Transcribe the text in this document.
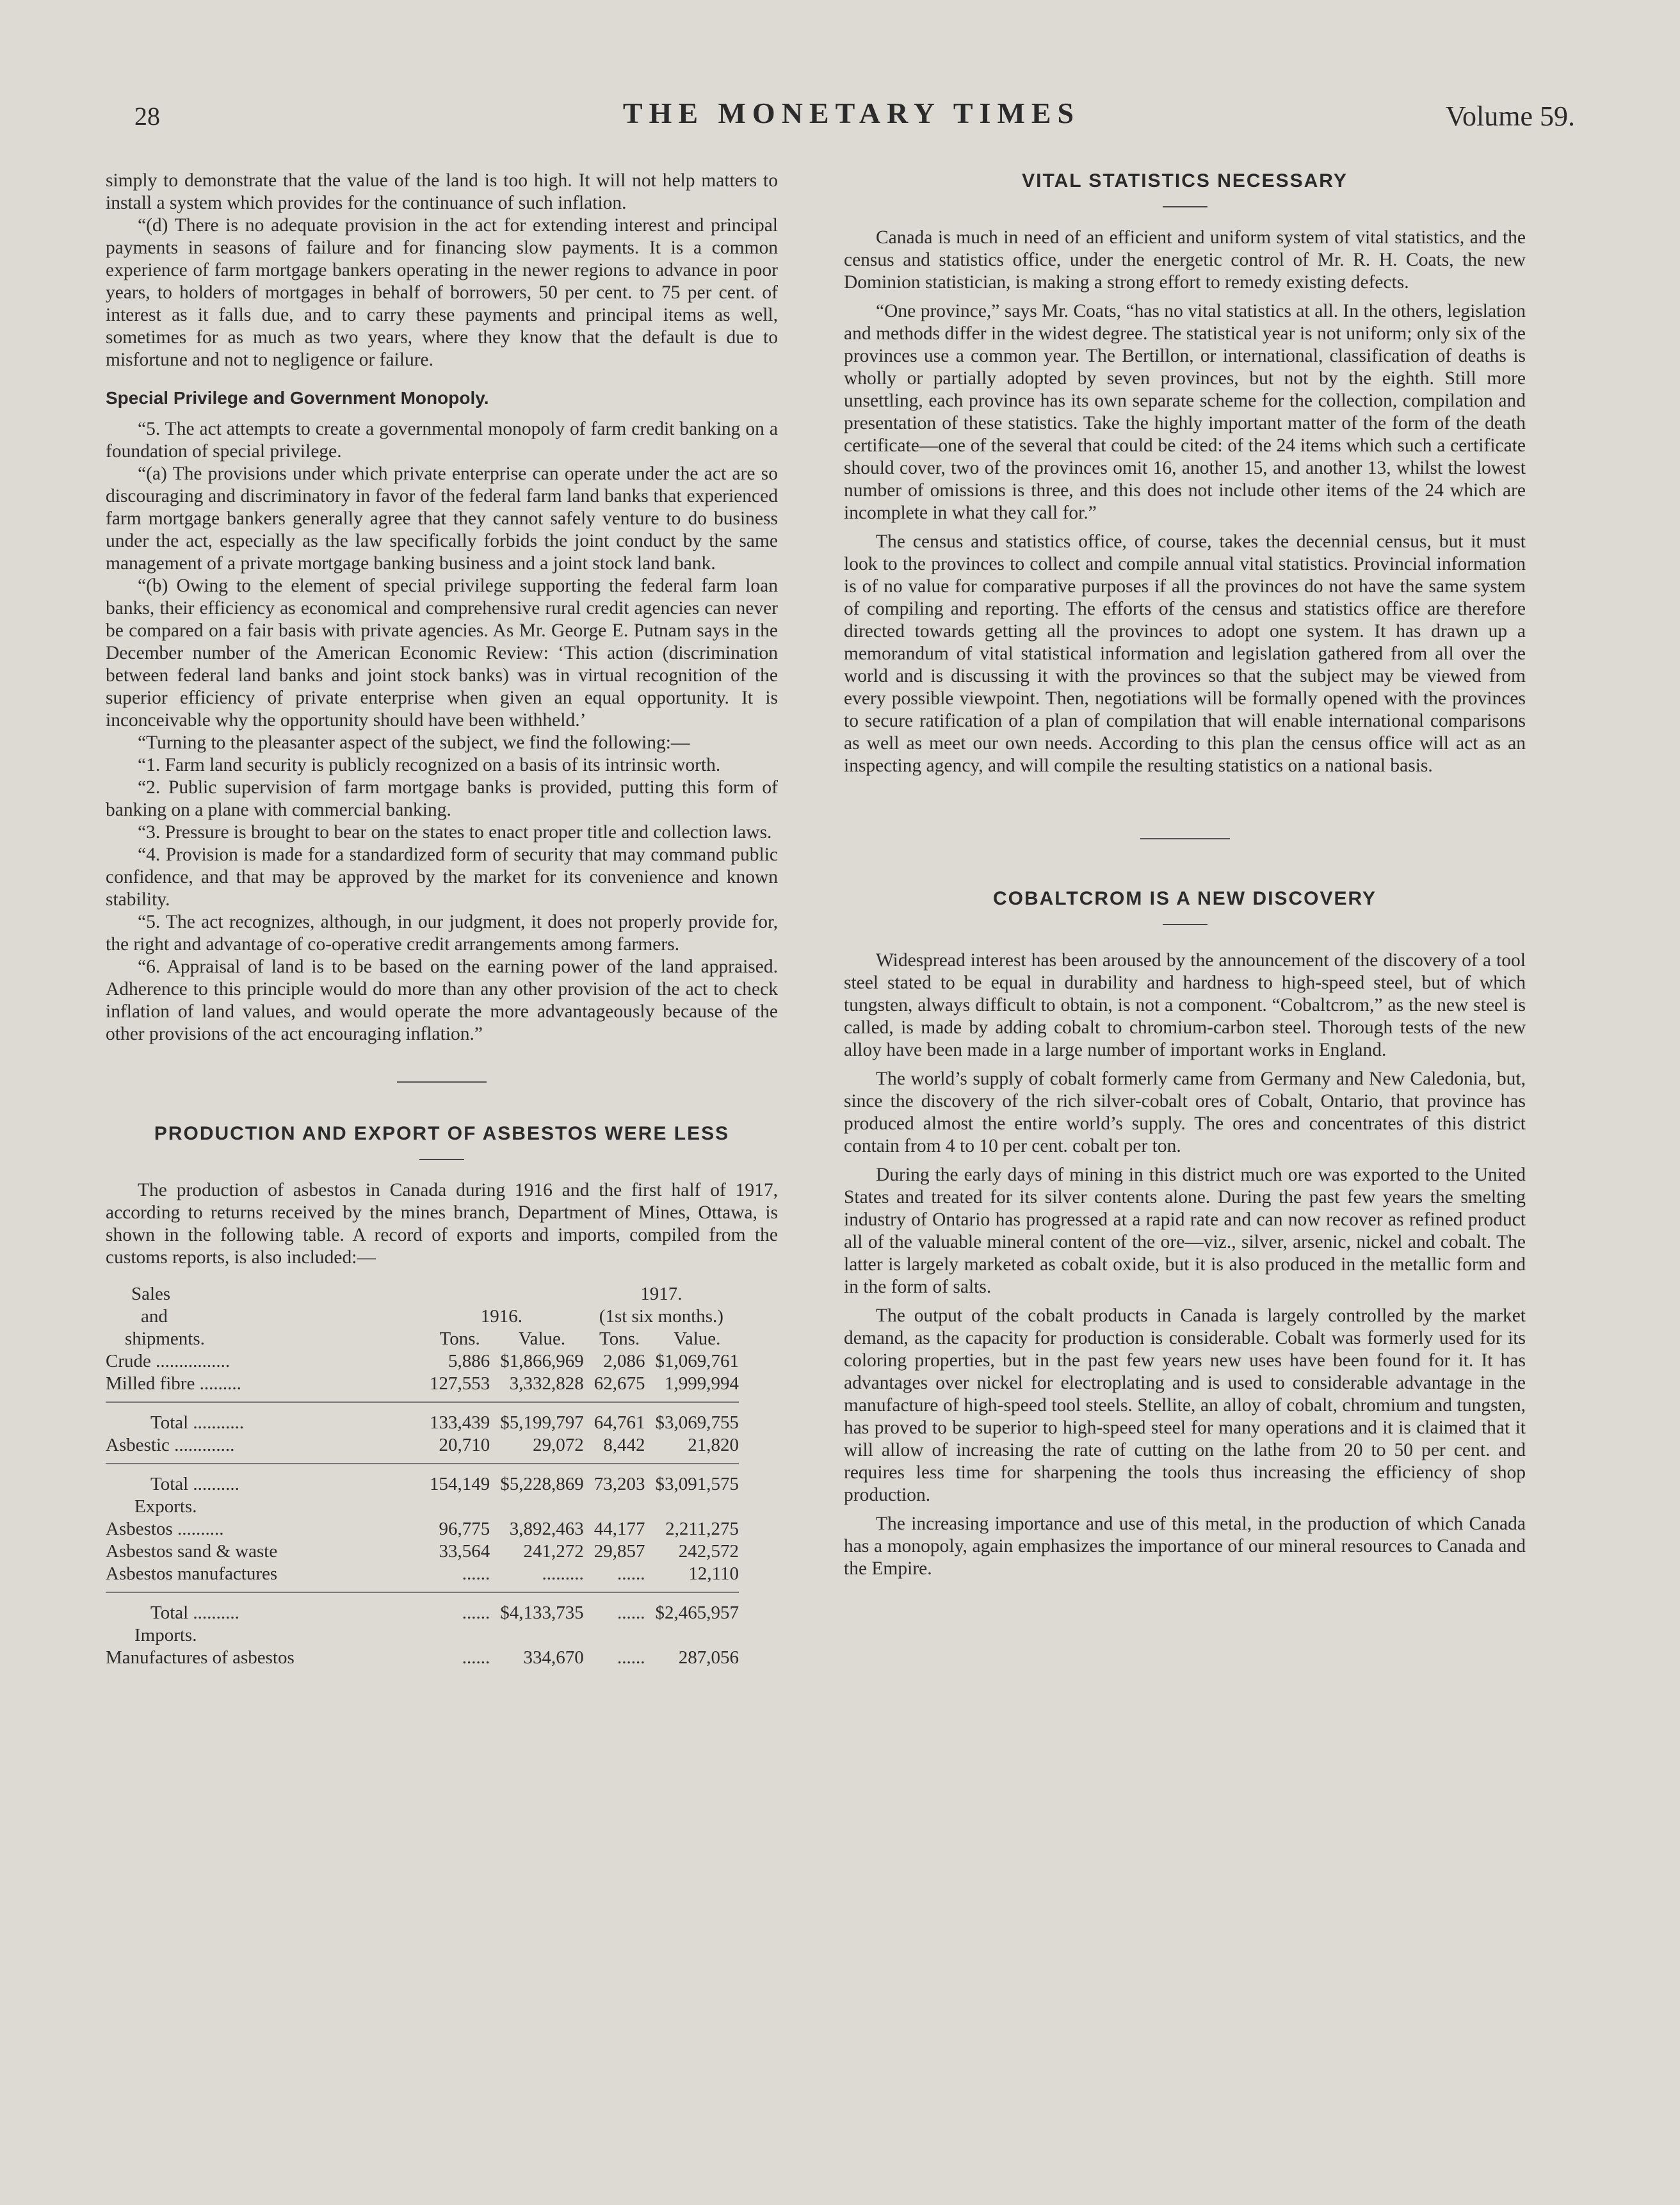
28	THE MONETARY TIMES	Volume 59.

simply to demonstrate that the value of the land is too high. It will not help matters to install a system which provides for the continuance of such inflation.

“(d) There is no adequate provision in the act for extending interest and principal payments in seasons of failure and for financing slow payments. It is a common experience of farm mortgage bankers operating in the newer regions to advance in poor years, to holders of mortgages in behalf of borrowers, 50 per cent. to 75 per cent. of interest as it falls due, and to carry these payments and principal items as well, sometimes for as much as two years, where they know that the default is due to misfortune and not to negligence or failure.

Special Privilege and Government Monopoly.

“5. The act attempts to create a governmental monopoly of farm credit banking on a foundation of special privilege.

“(a) The provisions under which private enterprise can operate under the act are so discouraging and discriminatory in favor of the federal farm land banks that experienced farm mortgage bankers generally agree that they cannot safely venture to do business under the act, especially as the law specifically forbids the joint conduct by the same management of a private mortgage banking business and a joint stock land bank.

“(b) Owing to the element of special privilege supporting the federal farm loan banks, their efficiency as economical and comprehensive rural credit agencies can never be compared on a fair basis with private agencies. As Mr. George E. Putnam says in the December number of the American Economic Review: ‘This action (discrimination between federal land banks and joint stock banks) was in virtual recognition of the superior efficiency of private enterprise when given an equal opportunity. It is inconceivable why the opportunity should have been withheld.’

“Turning to the pleasanter aspect of the subject, we find the following:—

“1. Farm land security is publicly recognized on a basis of its intrinsic worth.

“2. Public supervision of farm mortgage banks is provided, putting this form of banking on a plane with commercial banking.

“3. Pressure is brought to bear on the states to enact proper title and collection laws.

“4. Provision is made for a standardized form of security that may command public confidence, and that may be approved by the market for its convenience and known stability.

“5. The act recognizes, although, in our judgment, it does not properly provide for, the right and advantage of co-operative credit arrangements among farmers.

“6. Appraisal of land is to be based on the earning power of the land appraised. Adherence to this principle would do more than any other provision of the act to check inflation of land values, and would operate the more advantageously because of the other provisions of the act encouraging inflation.”

PRODUCTION AND EXPORT OF ASBESTOS WERE LESS

The production of asbestos in Canada during 1916 and the first half of 1917, according to returns received by the mines branch, Department of Mines, Ottawa, is shown in the following table. A record of exports and imports, compiled from the customs reports, is also included:—

Sales			1917.	
and	1916.		(1st six months.)	
shipments.	Tons.	Value.	Tons.	Value.
Crude ................	5,886	$1,866,969	2,086	$1,069,761
Milled fibre .........	127,553	3,332,828	62,675	1,999,994

Total ...........	133,439	$5,199,797	64,761	$3,069,755
Asbestic .............	20,710	29,072	8,442	21,820

Total ..........	154,149	$5,228,869	73,203	$3,091,575
Exports.				
Asbestos ..........	96,775	3,892,463	44,177	2,211,275
Asbestos sand & waste	33,564	241,272	29,857	242,572
Asbestos manufactures	......	.........	......	12,110

Total ..........	......	$4,133,735	......	$2,465,957
Imports.				
Manufactures of asbestos	......	334,670	......	287,056
VITAL STATISTICS NECESSARY

Canada is much in need of an efficient and uniform system of vital statistics, and the census and statistics office, under the energetic control of Mr. R. H. Coats, the new Dominion statistician, is making a strong effort to remedy existing defects.

“One province,” says Mr. Coats, “has no vital statistics at all. In the others, legislation and methods differ in the widest degree. The statistical year is not uniform; only six of the provinces use a common year. The Bertillon, or international, classification of deaths is wholly or partially adopted by seven provinces, but not by the eighth. Still more unsettling, each province has its own separate scheme for the collection, compilation and presentation of these statistics. Take the highly important matter of the form of the death certificate—one of the several that could be cited: of the 24 items which such a certificate should cover, two of the provinces omit 16, another 15, and another 13, whilst the lowest number of omissions is three, and this does not include other items of the 24 which are incomplete in what they call for.”

The census and statistics office, of course, takes the decennial census, but it must look to the provinces to collect and compile annual vital statistics. Provincial information is of no value for comparative purposes if all the provinces do not have the same system of compiling and reporting. The efforts of the census and statistics office are therefore directed towards getting all the provinces to adopt one system. It has drawn up a memorandum of vital statistical information and legislation gathered from all over the world and is discussing it with the provinces so that the subject may be viewed from every possible viewpoint. Then, negotiations will be formally opened with the provinces to secure ratification of a plan of compilation that will enable international comparisons as well as meet our own needs. According to this plan the census office will act as an inspecting agency, and will compile the resulting statistics on a national basis.

COBALTCROM IS A NEW DISCOVERY

Widespread interest has been aroused by the announcement of the discovery of a tool steel stated to be equal in durability and hardness to high-speed steel, but of which tungsten, always difficult to obtain, is not a component. “Cobaltcrom,” as the new steel is called, is made by adding cobalt to chromium-carbon steel. Thorough tests of the new alloy have been made in a large number of important works in England.

The world’s supply of cobalt formerly came from Germany and New Caledonia, but, since the discovery of the rich silver-cobalt ores of Cobalt, Ontario, that province has produced almost the entire world’s supply. The ores and concentrates of this district contain from 4 to 10 per cent. cobalt per ton.

During the early days of mining in this district much ore was exported to the United States and treated for its silver contents alone. During the past few years the smelting industry of Ontario has progressed at a rapid rate and can now recover as refined product all of the valuable mineral content of the ore—viz., silver, arsenic, nickel and cobalt. The latter is largely marketed as cobalt oxide, but it is also produced in the metallic form and in the form of salts.

The output of the cobalt products in Canada is largely controlled by the market demand, as the capacity for production is considerable. Cobalt was formerly used for its coloring properties, but in the past few years new uses have been found for it. It has advantages over nickel for electroplating and is used to considerable advantage in the manufacture of high-speed tool steels. Stellite, an alloy of cobalt, chromium and tungsten, has proved to be superior to high-speed steel for many operations and it is claimed that it will allow of increasing the rate of cutting on the lathe from 20 to 50 per cent. and requires less time for sharpening the tools thus increasing the efficiency of shop production.

The increasing importance and use of this metal, in the production of which Canada has a monopoly, again emphasizes the importance of our mineral resources to Canada and the Empire.
